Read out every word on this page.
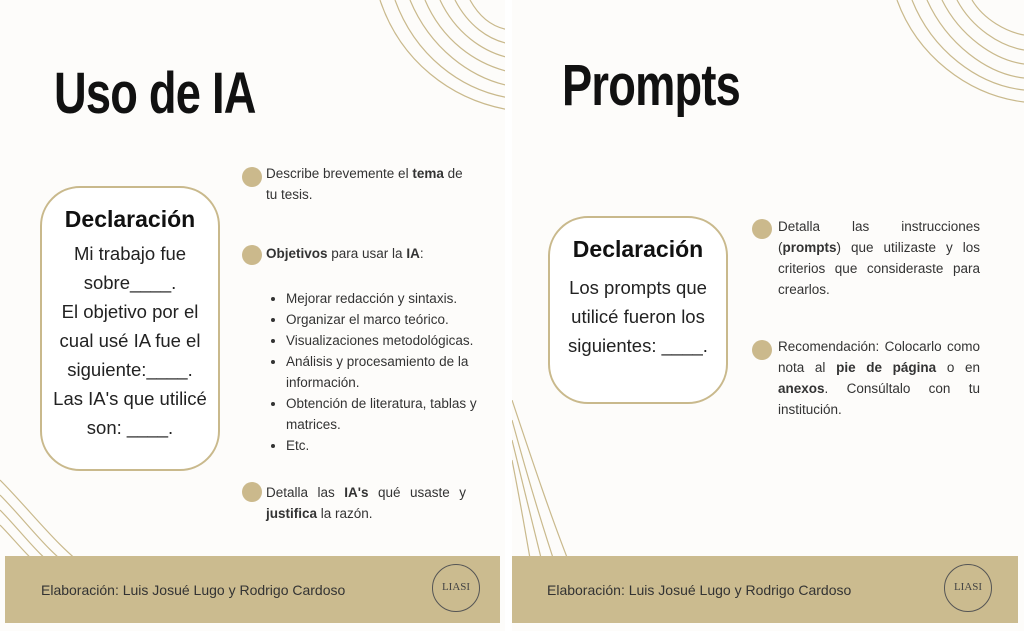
Uso de IA
Declaración

Mi trabajo fue

sobre____.

El objetivo por el

cual usé IA fue el

siguiente:____.

Las IA's que utilicé

son: ____.

Describe brevemente el tema de tu tesis.
Objetivos para usar la IA:
• Mejorar redacción y sintaxis.
• Organizar el marco teórico.
• Visualizaciones metodológicas.
• Análisis y procesamiento de la información.
• Obtención de literatura, tablas y matrices.
• Etc.
Detalla las IA's qué usaste y justifica la razón.
Elaboración: Luis Josué Lugo y Rodrigo Cardoso	LIASI
Prompts
Declaración

Los prompts que

utilicé fueron los

siguientes: ____.

Detalla las instrucciones (prompts) que utilizaste y los criterios que consideraste para crearlos.
Recomendación: Colocarlo como nota al pie de página o en anexos. Consúltalo con tu institución.
Elaboración: Luis Josué Lugo y Rodrigo Cardoso	LIASI
